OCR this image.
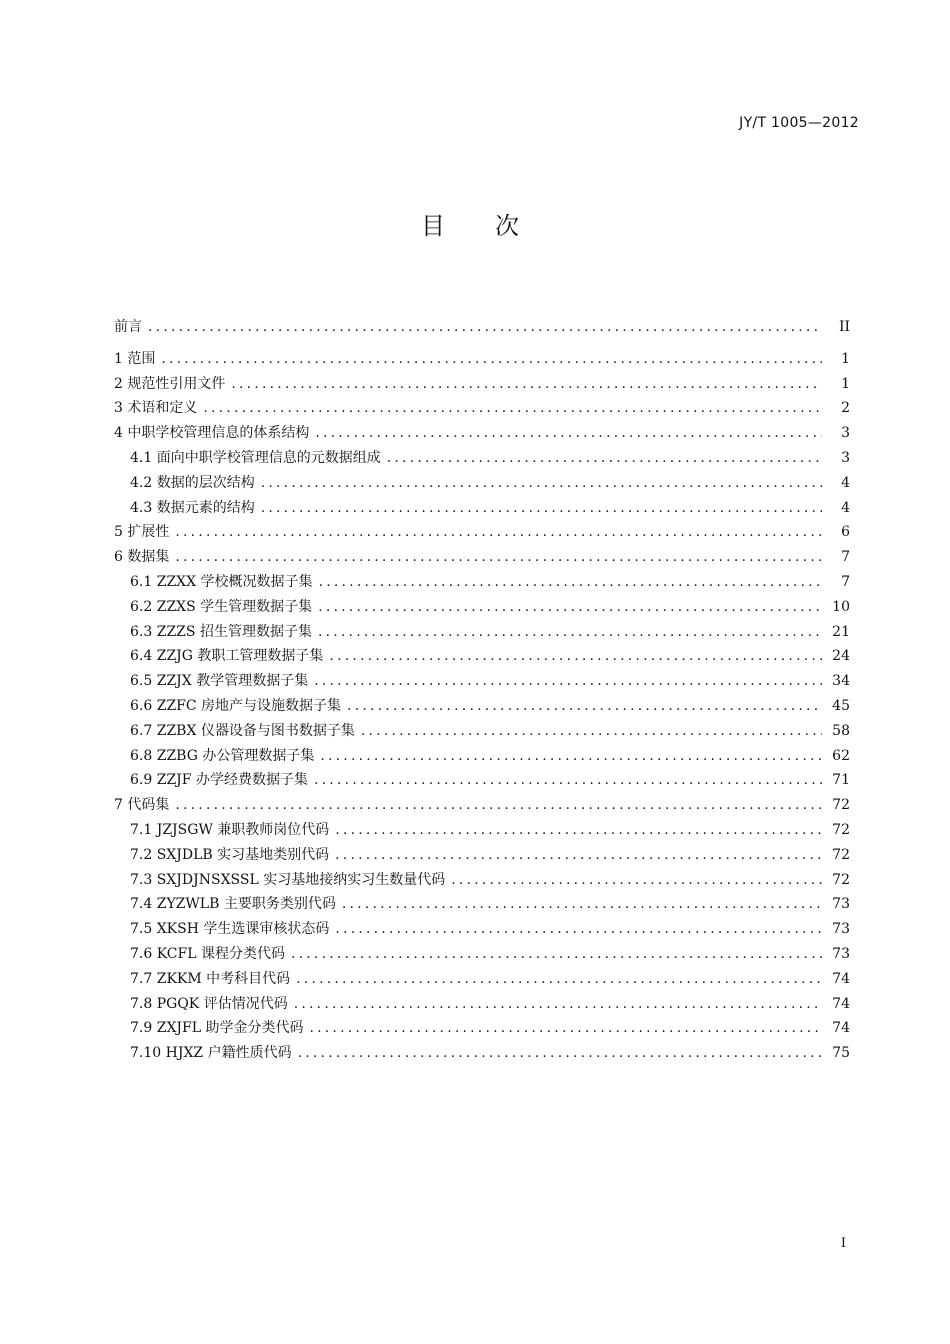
JY/T 1005—2012
目次
前言 .....	II
1 范围 .....	1
2 规范性引用文件 .....	1
3 术语和定义 .....	2
4 中职学校管理信息的体系结构 .....	3
4.1 面向中职学校管理信息的元数据组成 .....	3
4.2 数据的层次结构 .....	4
4.3 数据元素的结构 .....	4
5 扩展性 .....	6
6 数据集 .....	7
6.1 ZZXX 学校概况数据子集 .....	7
6.2 ZZXS 学生管理数据子集 .....	10
6.3 ZZZS 招生管理数据子集 .....	21
6.4 ZZJG 教职工管理数据子集 .....	24
6.5 ZZJX 教学管理数据子集 .....	34
6.6 ZZFC 房地产与设施数据子集 .....	45
6.7 ZZBX 仪器设备与图书数据子集 .....	58
6.8 ZZBG 办公管理数据子集 .....	62
6.9 ZZJF 办学经费数据子集 .....	71
7 代码集 .....	72
7.1 JZJSGW 兼职教师岗位代码 .....	72
7.2 SXJDLB 实习基地类别代码 .....	72
7.3 SXJDJNSXSSL 实习基地接纳实习生数量代码 .....	72
7.4 ZYZWLB 主要职务类别代码 .....	73
7.5 XKSH 学生选课审核状态码 .....	73
7.6 KCFL 课程分类代码 .....	73
7.7 ZKKM 中考科目代码 .....	74
7.8 PGQK 评估情况代码 .....	74
7.9 ZXJFL 助学金分类代码 .....	74
7.10 HJXZ 户籍性质代码 .....	75
I
